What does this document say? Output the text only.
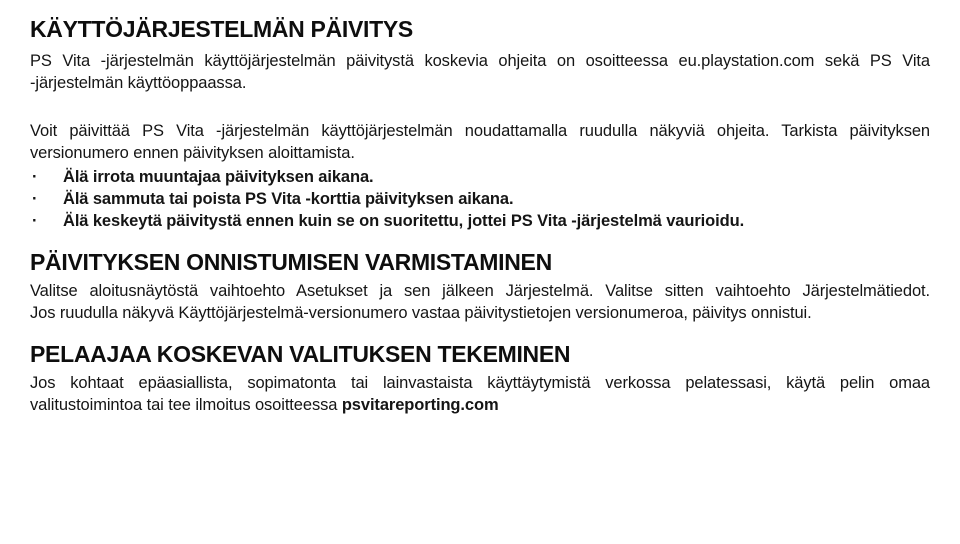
KÄYTTÖJÄRJESTELMÄN PÄIVITYS

PS Vita -järjestelmän käyttöjärjestelmän päivitystä koskevia ohjeita on osoitteessa eu.playstation.com sekä PS Vita

-järjestelmän käyttöoppaassa.

Voit päivittää PS Vita -järjestelmän käyttöjärjestelmän noudattamalla ruudulla näkyviä ohjeita. Tarkista päivityksen

versionumero ennen päivityksen aloittamista.

· Älä irrota muuntajaa päivityksen aikana.
· Älä sammuta tai poista PS Vita -korttia päivityksen aikana.
· Älä keskeytä päivitystä ennen kuin se on suoritettu, jottei PS Vita -järjestelmä vaurioidu.
PÄIVITYKSEN ONNISTUMISEN VARMISTAMINEN

Valitse aloitusnäytöstä vaihtoehto Asetukset ja sen jälkeen Järjestelmä. Valitse sitten vaihtoehto Järjestelmätiedot.

Jos ruudulla näkyvä Käyttöjärjestelmä-versionumero vastaa päivitystietojen versionumeroa, päivitys onnistui.

PELAAJAA KOSKEVAN VALITUKSEN TEKEMINEN

Jos kohtaat epäasiallista, sopimatonta tai lainvastaista käyttäytymistä verkossa pelatessasi, käytä pelin omaa

valitustoimintoa tai tee ilmoitus osoitteessa psvitareporting.com
